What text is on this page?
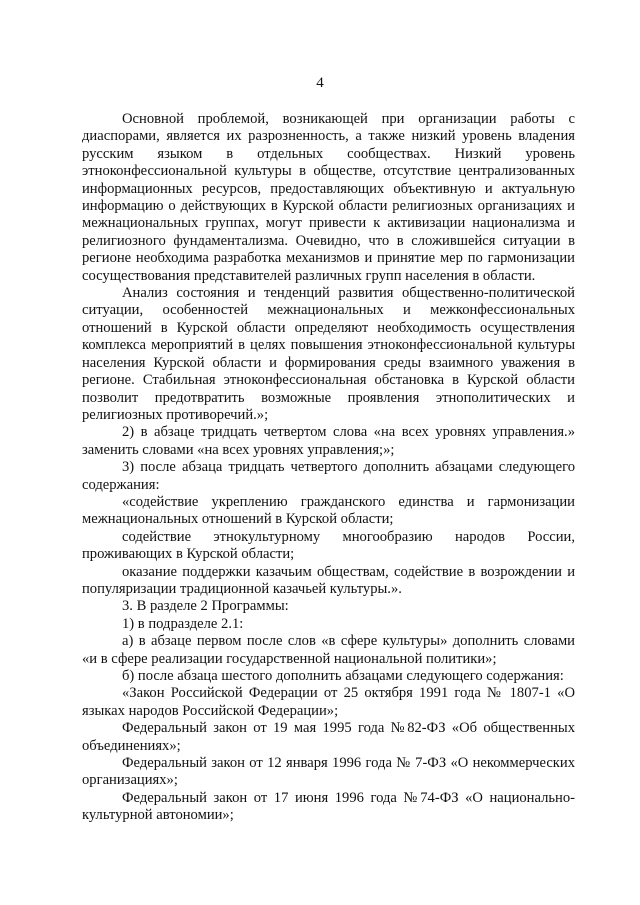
4

Основной проблемой, возникающей при организации работы с диаспорами, является их разрозненность, а также низкий уровень владения русским языком в отдельных сообществах. Низкий уровень этноконфессиональной культуры в обществе, отсутствие централизованных информационных ресурсов, предоставляющих объективную и актуальную информацию о действующих в Курской области религиозных организациях и межнациональных группах, могут привести к активизации национализма и религиозного фундаментализма. Очевидно, что в сложившейся ситуации в регионе необходима разработка механизмов и принятие мер по гармонизации сосуществования представителей различных групп населения в области.

Анализ состояния и тенденций развития общественно-политической ситуации, особенностей межнациональных и межконфессиональных отношений в Курской области определяют необходимость осуществления комплекса мероприятий в целях повышения этноконфессиональной культуры населения Курской области и формирования среды взаимного уважения в регионе. Стабильная этноконфессиональная обстановка в Курской области позволит предотвратить возможные проявления этнополитических и религиозных противоречий.»;

2) в абзаце тридцать четвертом слова «на всех уровнях управления.» заменить словами «на всех уровнях управления;»;

3) после абзаца тридцать четвертого дополнить абзацами следующего содержания:

«содействие укреплению гражданского единства и гармонизации межнациональных отношений в Курской области;

содействие этнокультурному многообразию народов России, проживающих в Курской области;

оказание поддержки казачьим обществам, содействие в возрождении и популяризации традиционной казачьей культуры.».

3. В разделе 2 Программы:

1) в подразделе 2.1:

а) в абзаце первом после слов «в сфере культуры» дополнить словами «и в сфере реализации государственной национальной политики»;

б) после абзаца шестого дополнить абзацами следующего содержания:

«Закон Российской Федерации от 25 октября 1991 года № 1807-1 «О языках народов Российской Федерации»;

Федеральный закон от 19 мая 1995 года №82-ФЗ «Об общественных объединениях»;

Федеральный закон от 12 января 1996 года № 7-ФЗ «О некоммерческих организациях»;

Федеральный закон от 17 июня 1996 года №74-ФЗ «О национально-культурной автономии»;
